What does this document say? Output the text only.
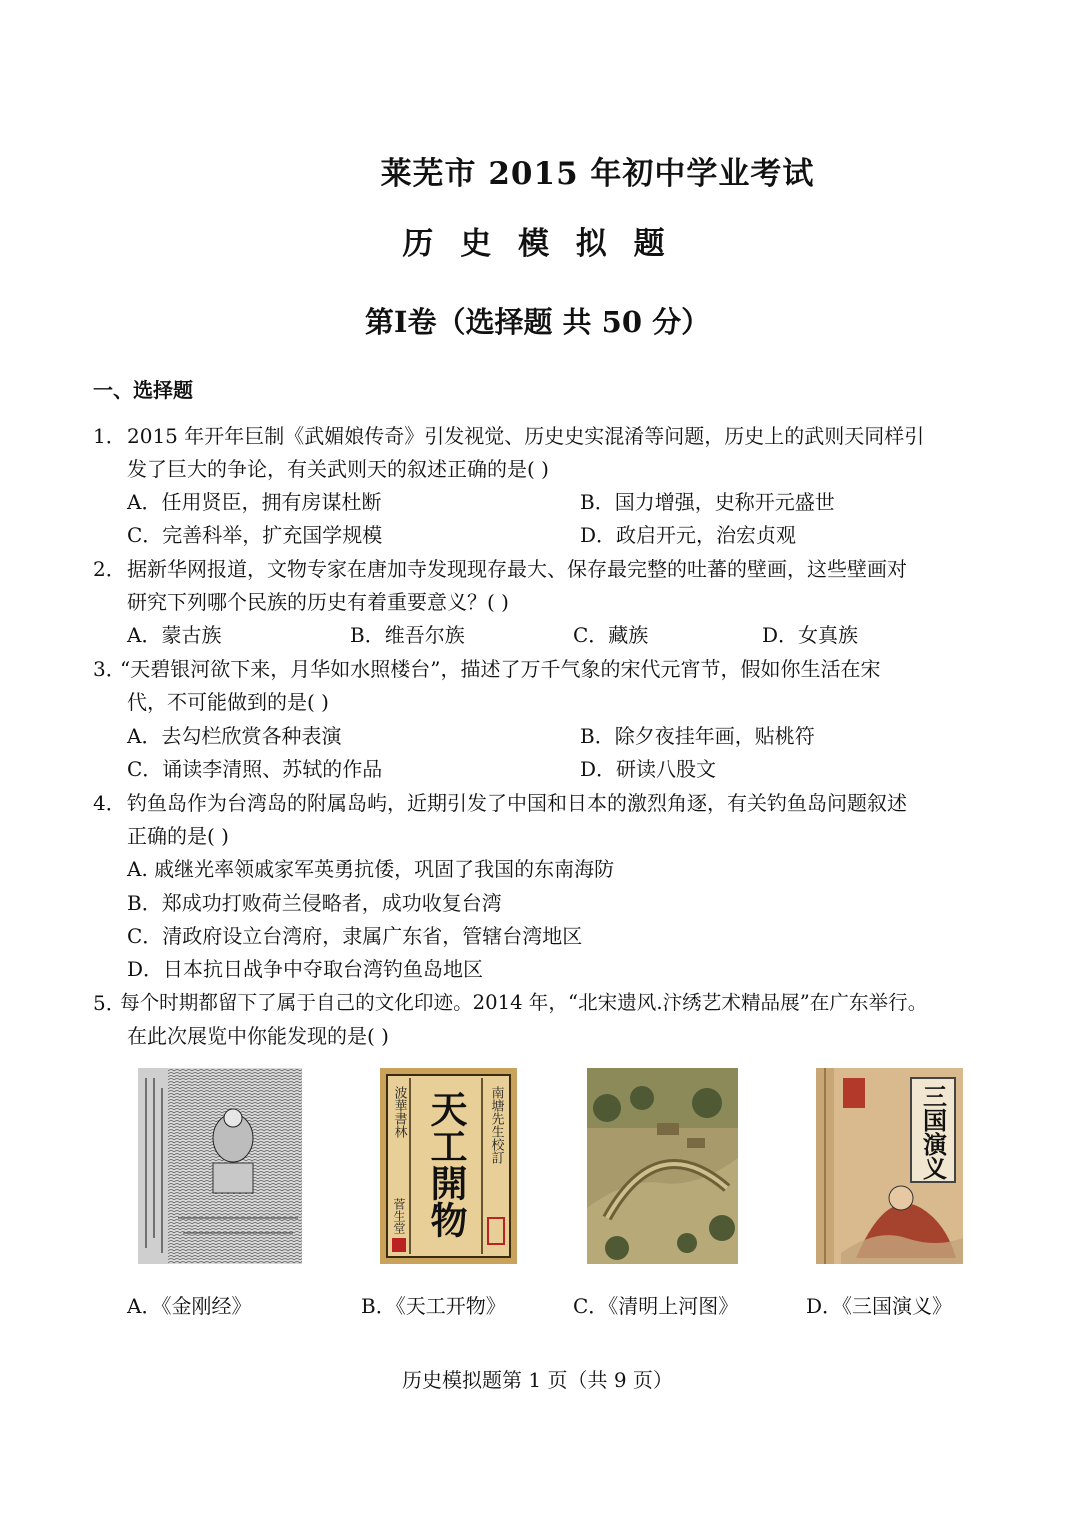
莱芜市 2015 年初中学业考试
历 史 模 拟 题
第Ⅰ卷（选择题 共 50 分）
一、选择题
1． 2015 年开年巨制《武媚娘传奇》引发视觉、历史史实混淆等问题，历史上的武则天同样引
发了巨大的争论，有关武则天的叙述正确的是( )
A．任用贤臣，拥有房谋杜断	B．国力增强，史称开元盛世
C．完善科举，扩充国学规模	D．政启开元，治宏贞观
2． 据新华网报道，文物专家在唐加寺发现现存最大、保存最完整的吐蕃的壁画，这些壁画对
研究下列哪个民族的历史有着重要意义？( )
A．蒙古族	B．维吾尔族	C．藏族	D．女真族
3．
“天碧银河欲下来，月华如水照楼台”，描述了万千气象的宋代元宵节，假如你生活在宋
代，不可能做到的是( )
A．去勾栏欣赏各种表演	B．除夕夜挂年画，贴桃符
C．诵读李清照、苏轼的作品	D．研读八股文
4． 钓鱼岛作为台湾岛的附属岛屿，近期引发了中国和日本的激烈角逐，有关钓鱼岛问题叙述
正确的是( )
A. 戚继光率领戚家军英勇抗倭，巩固了我国的东南海防
B．郑成功打败荷兰侵略者，成功收复台湾
C．清政府设立台湾府，隶属广东省，管辖台湾地区
D．日本抗日战争中夺取台湾钓鱼岛地区
5．
每个时期都留下了属于自己的文化印迹。2014 年，“北宋遗风.汴绣艺术精品展”在广东举行。
在此次展览中你能发现的是( )
波華書林	南塘先生校訂
天工開物
菅生堂
三国演义
A．《金刚经》	B．《天工开物》	C．《清明上河图》	D．《三国演义》
历史模拟题第 1 页（共 9 页）
